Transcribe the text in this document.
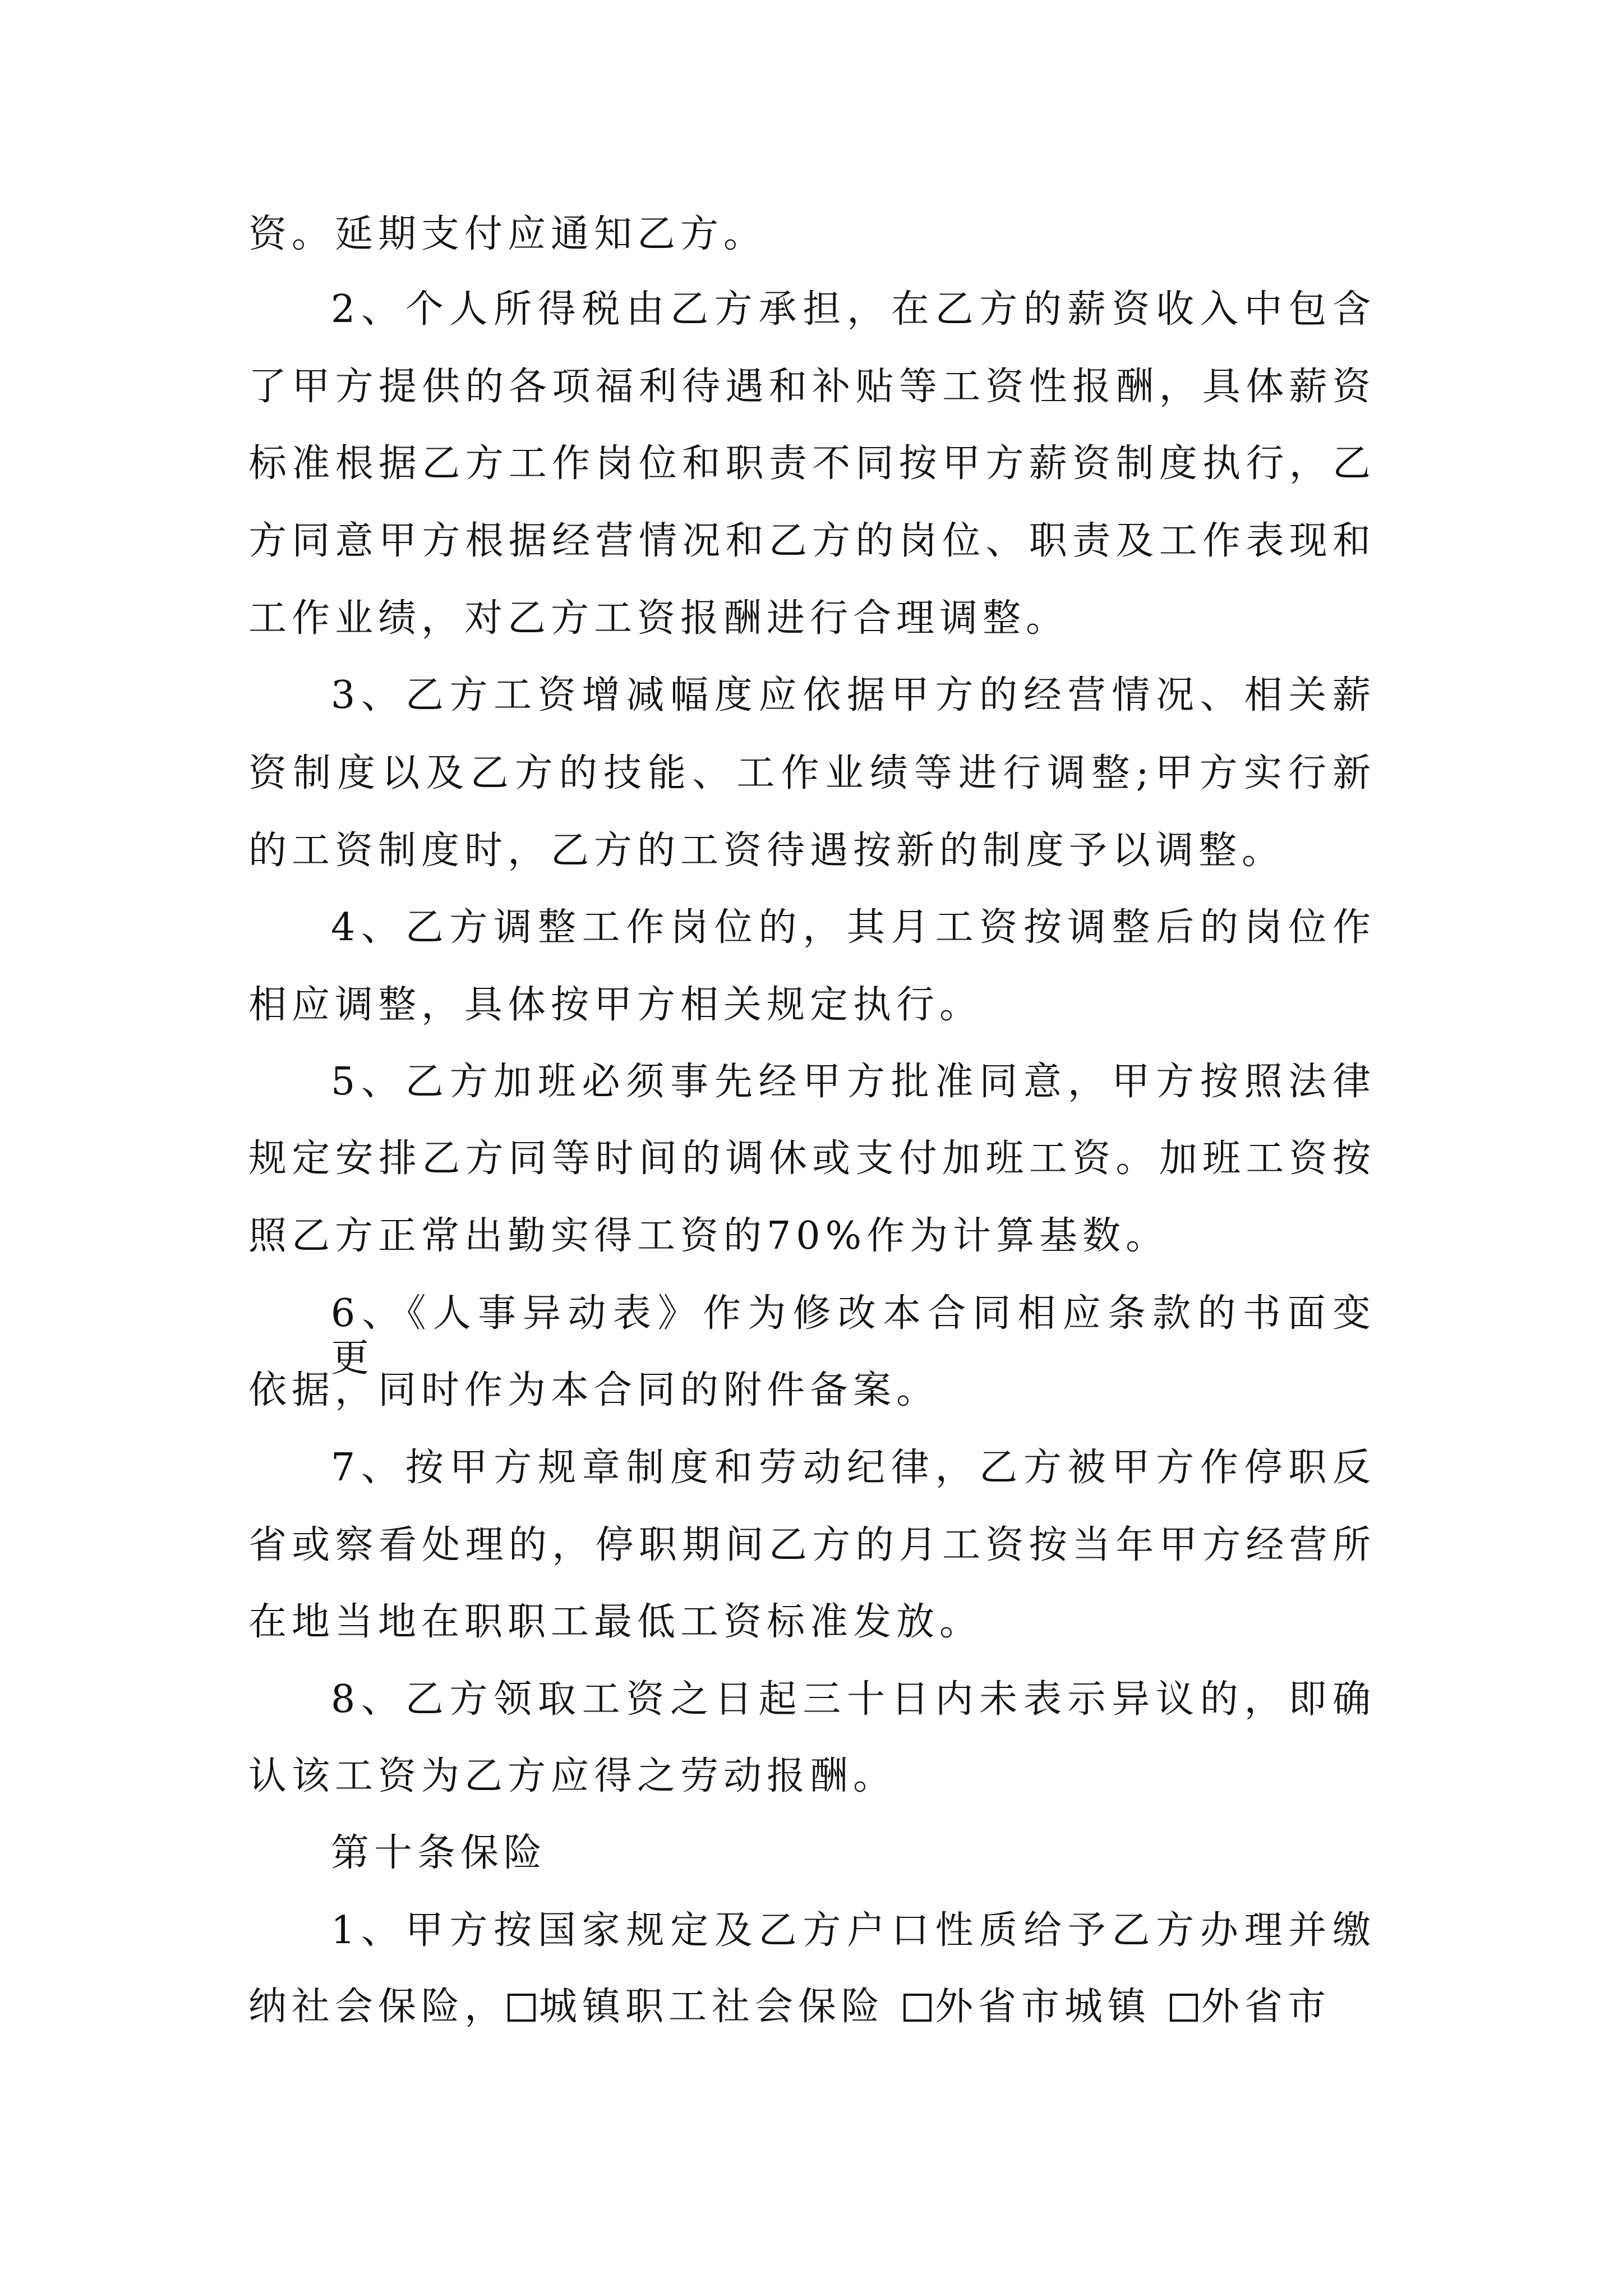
资。延期支付应通知乙方。
2、个人所得税由乙方承担，在乙方的薪资收入中包含
了甲方提供的各项福利待遇和补贴等工资性报酬，具体薪资
标准根据乙方工作岗位和职责不同按甲方薪资制度执行，乙
方同意甲方根据经营情况和乙方的岗位、职责及工作表现和
工作业绩，对乙方工资报酬进行合理调整。
3、乙方工资增减幅度应依据甲方的经营情况、相关薪
资制度以及乙方的技能、工作业绩等进行调整;甲方实行新
的工资制度时，乙方的工资待遇按新的制度予以调整。
4、乙方调整工作岗位的，其月工资按调整后的岗位作
相应调整，具体按甲方相关规定执行。
5、乙方加班必须事先经甲方批准同意，甲方按照法律
规定安排乙方同等时间的调休或支付加班工资。加班工资按
照乙方正常出勤实得工资的70%作为计算基数。
6、《人事异动表》作为修改本合同相应条款的书面变更
依据，同时作为本合同的附件备案。
7、按甲方规章制度和劳动纪律，乙方被甲方作停职反
省或察看处理的，停职期间乙方的月工资按当年甲方经营所
在地当地在职职工最低工资标准发放。
8、乙方领取工资之日起三十日内未表示异议的，即确
认该工资为乙方应得之劳动报酬。
第十条保险
1、甲方按国家规定及乙方户口性质给予乙方办理并缴
纳社会保险， 城镇职工社会保险 外省市城镇 外省市
